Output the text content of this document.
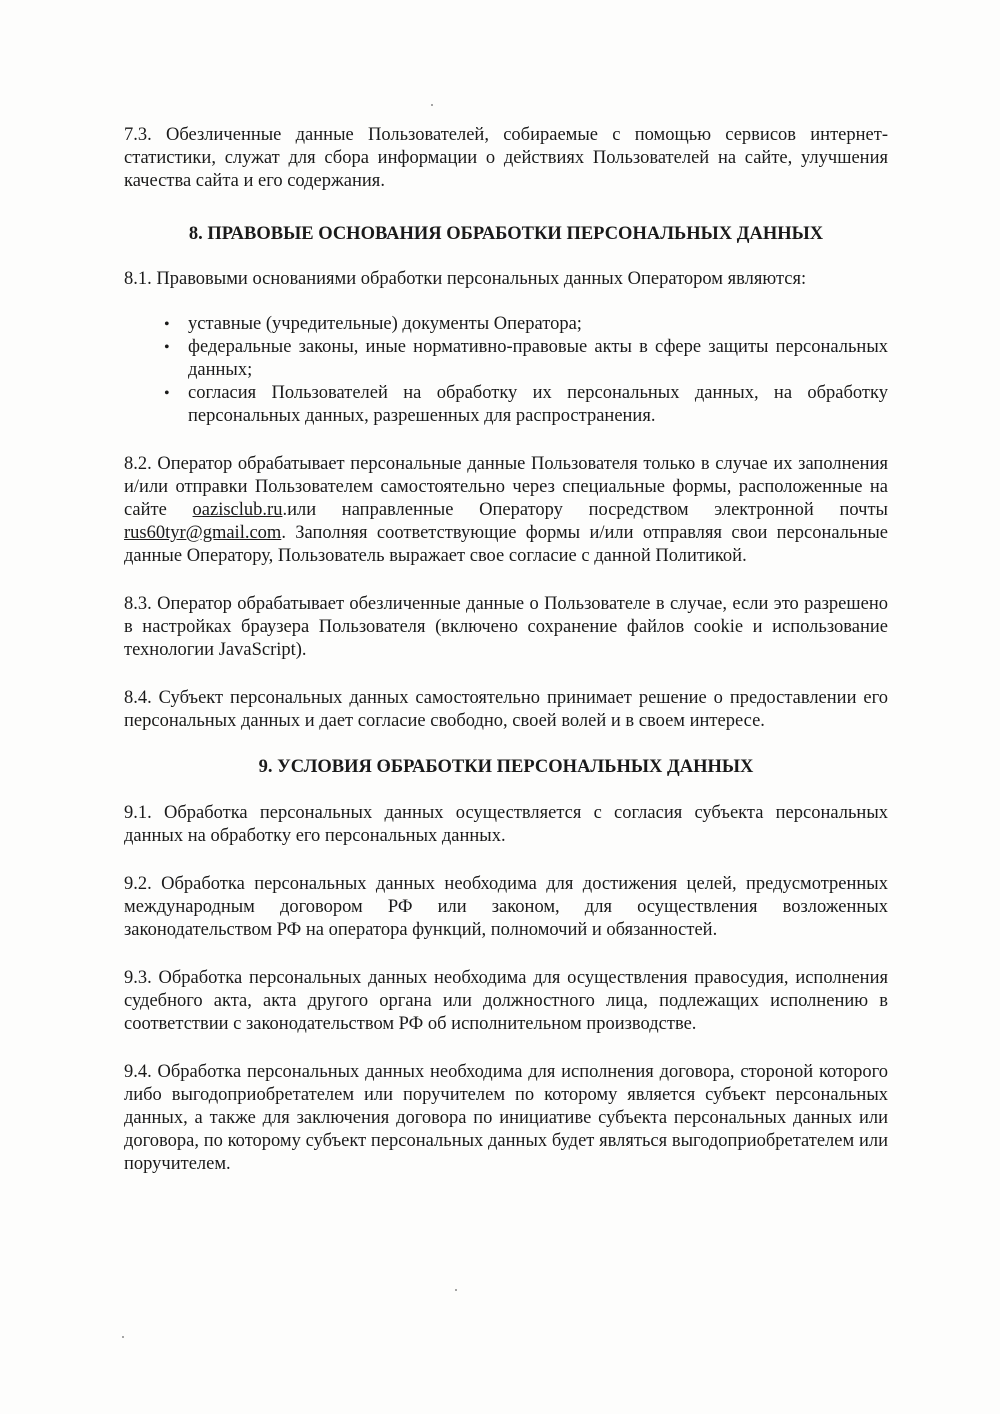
7.3. Обезличенные данные Пользователей, собираемые с помощью сервисов интернет-статистики, служат для сбора информации о действиях Пользователей на сайте, улучшения качества сайта и его содержания.

8. ПРАВОВЫЕ ОСНОВАНИЯ ОБРАБОТКИ ПЕРСОНАЛЬНЫХ ДАННЫХ

8.1. Правовыми основаниями обработки персональных данных Оператором являются:

• уставные (учредительные) документы Оператора;
• федеральные законы, иные нормативно-правовые акты в сфере защиты персональных данных;
• согласия Пользователей на обработку их персональных данных, на обработку персональных данных, разрешенных для распространения.

8.2. Оператор обрабатывает персональные данные Пользователя только в случае их заполнения и/или отправки Пользователем самостоятельно через специальные формы, расположенные на сайте oazisclub.ru.или направленные Оператору посредством электронной почты rus60tyr@gmail.com. Заполняя соответствующие формы и/или отправляя свои персональные данные Оператору, Пользователь выражает свое согласие с данной Политикой.

8.3. Оператор обрабатывает обезличенные данные о Пользователе в случае, если это разрешено в настройках браузера Пользователя (включено сохранение файлов cookie и использование технологии JavaScript).

8.4. Субъект персональных данных самостоятельно принимает решение о предоставлении его персональных данных и дает согласие свободно, своей волей и в своем интересе.

9. УСЛОВИЯ ОБРАБОТКИ ПЕРСОНАЛЬНЫХ ДАННЫХ

9.1. Обработка персональных данных осуществляется с согласия субъекта персональных данных на обработку его персональных данных.

9.2. Обработка персональных данных необходима для достижения целей, предусмотренных международным договором РФ или законом, для осуществления возложенных законодательством РФ на оператора функций, полномочий и обязанностей.

9.3. Обработка персональных данных необходима для осуществления правосудия, исполнения судебного акта, акта другого органа или должностного лица, подлежащих исполнению в соответствии с законодательством РФ об исполнительном производстве.

9.4. Обработка персональных данных необходима для исполнения договора, стороной которого либо выгодоприобретателем или поручителем по которому является субъект персональных данных, а также для заключения договора по инициативе субъекта персональных данных или договора, по которому субъект персональных данных будет являться выгодоприобретателем или поручителем.
